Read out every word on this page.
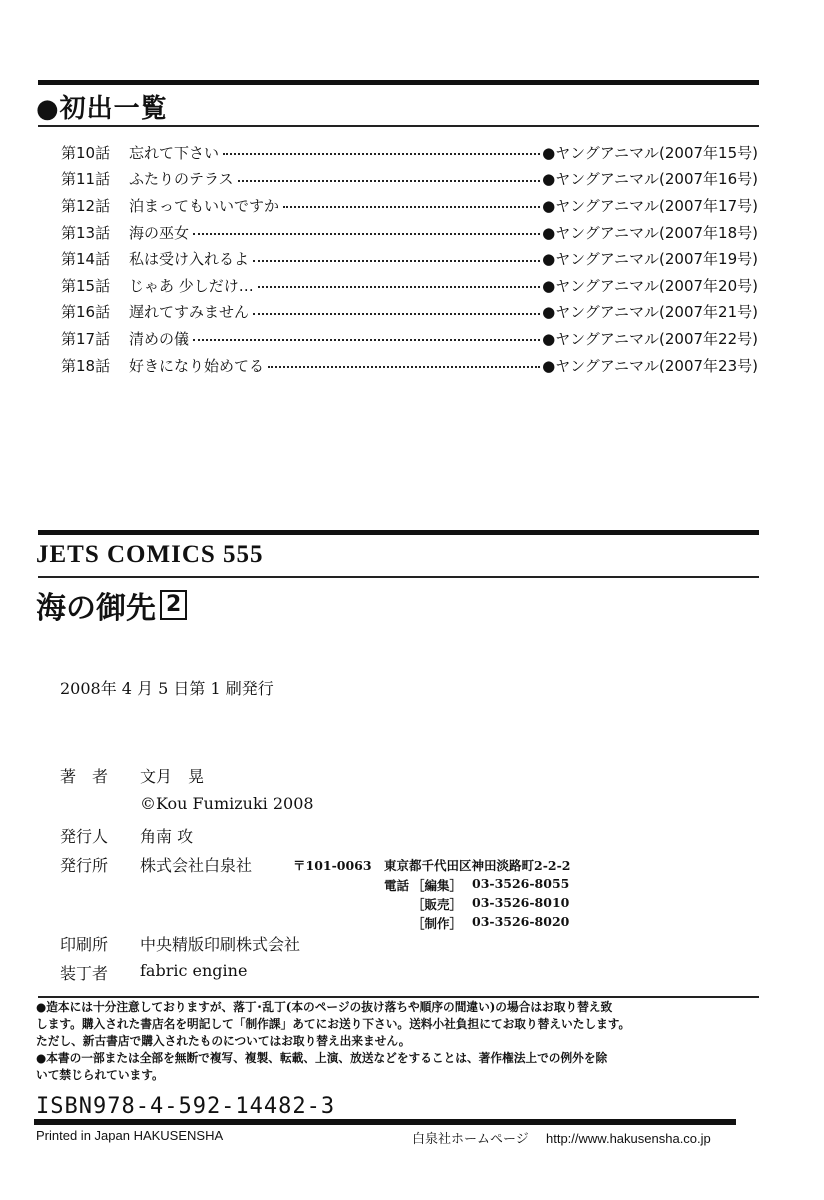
●初出一覧
第10話	忘れて下さい	●ヤングアニマル(2007年15号)
第11話	ふたりのテラス	●ヤングアニマル(2007年16号)
第12話	泊まってもいいですか	●ヤングアニマル(2007年17号)
第13話	海の巫女	●ヤングアニマル(2007年18号)
第14話	私は受け入れるよ	●ヤングアニマル(2007年19号)
第15話	じゃあ 少しだけ…	●ヤングアニマル(2007年20号)
第16話	遅れてすみません	●ヤングアニマル(2007年21号)
第17話	清めの儀	●ヤングアニマル(2007年22号)
第18話	好きになり始めてる	●ヤングアニマル(2007年23号)
JETS COMICS 555
海の御先 2
2008年 4 月 5 日第 1 刷発行
著　者 文月　晃
©Kou Fumizuki 2008
発行人 角南 攻
発行所 株式会社白泉社	〒101-0063 東京都千代田区神田淡路町2-2-2
電話 ［編集］ 03-3526-8055
［販売］ 03-3526-8010
［制作］ 03-3526-8020
印刷所 中央精版印刷株式会社
装丁者 fabric engine
●造本には十分注意しておりますが、落丁･乱丁(本のページの抜け落ちや順序の間違い)の場合はお取り替え致
します。購入された書店名を明記して「制作課」あてにお送り下さい。送料小社負担にてお取り替えいたします。
ただし、新古書店で購入されたものについてはお取り替え出来ません。
●本書の一部または全部を無断で複写、複製、転載、上演、放送などをすることは、著作権法上での例外を除
いて禁じられています。
ISBN978-4-592-14482-3
Printed in Japan HAKUSENSHA	白泉社ホームページ http://www.hakusensha.co.jp
